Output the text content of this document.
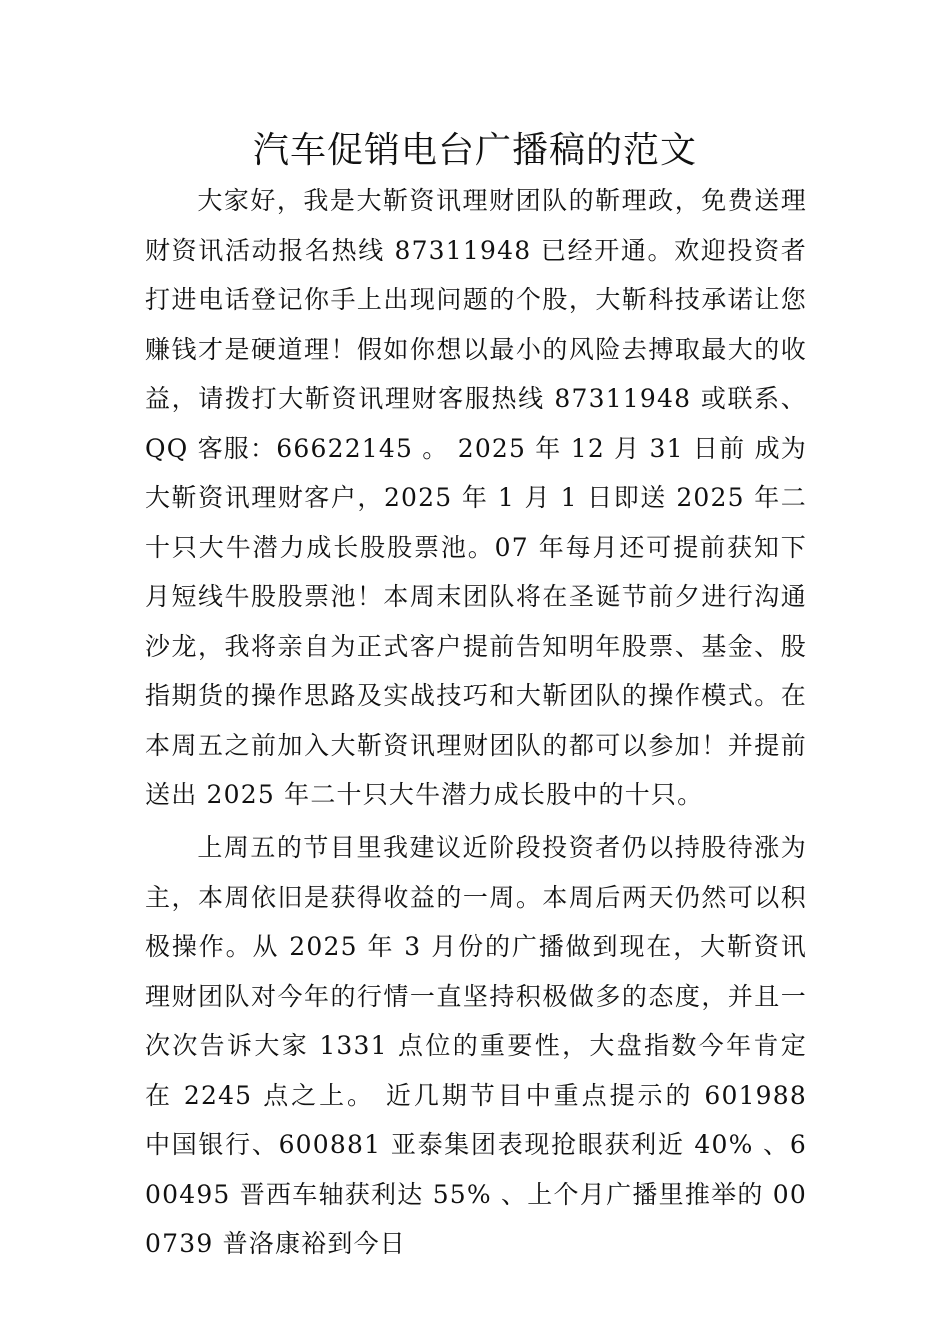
汽车促销电台广播稿的范文

大家好，我是大靳资讯理财团队的靳理政，免费送理财资讯活动报名热线 87311948 已经开通。欢迎投资者打进电话登记你手上出现问题的个股，大靳科技承诺让您赚钱才是硬道理！假如你想以最小的风险去搏取最大的收益，请拨打大靳资讯理财客服热线 87311948 或联系、QQ 客服：66622145 。 2025 年 12 月 31 日前 成为大靳资讯理财客户，2025 年 1 月 1 日即送 2025 年二十只大牛潜力成长股股票池。07 年每月还可提前获知下月短线牛股股票池！本周末团队将在圣诞节前夕进行沟通沙龙，我将亲自为正式客户提前告知明年股票、基金、股指期货的操作思路及实战技巧和大靳团队的操作模式。在本周五之前加入大靳资讯理财团队的都可以参加！并提前送出 2025 年二十只大牛潜力成长股中的十只。

上周五的节目里我建议近阶段投资者仍以持股待涨为主，本周依旧是获得收益的一周。本周后两天仍然可以积极操作。从 2025 年 3 月份的广播做到现在，大靳资讯理财团队对今年的行情一直坚持积极做多的态度，并且一次次告诉大家 1331 点位的重要性，大盘指数今年肯定在 2245 点之上。 近几期节目中重点提示的 601988 中国银行、600881 亚泰集团表现抢眼获利近 40% 、600495 晋西车轴获利达 55% 、上个月广播里推举的 000739 普洛康裕到今日
